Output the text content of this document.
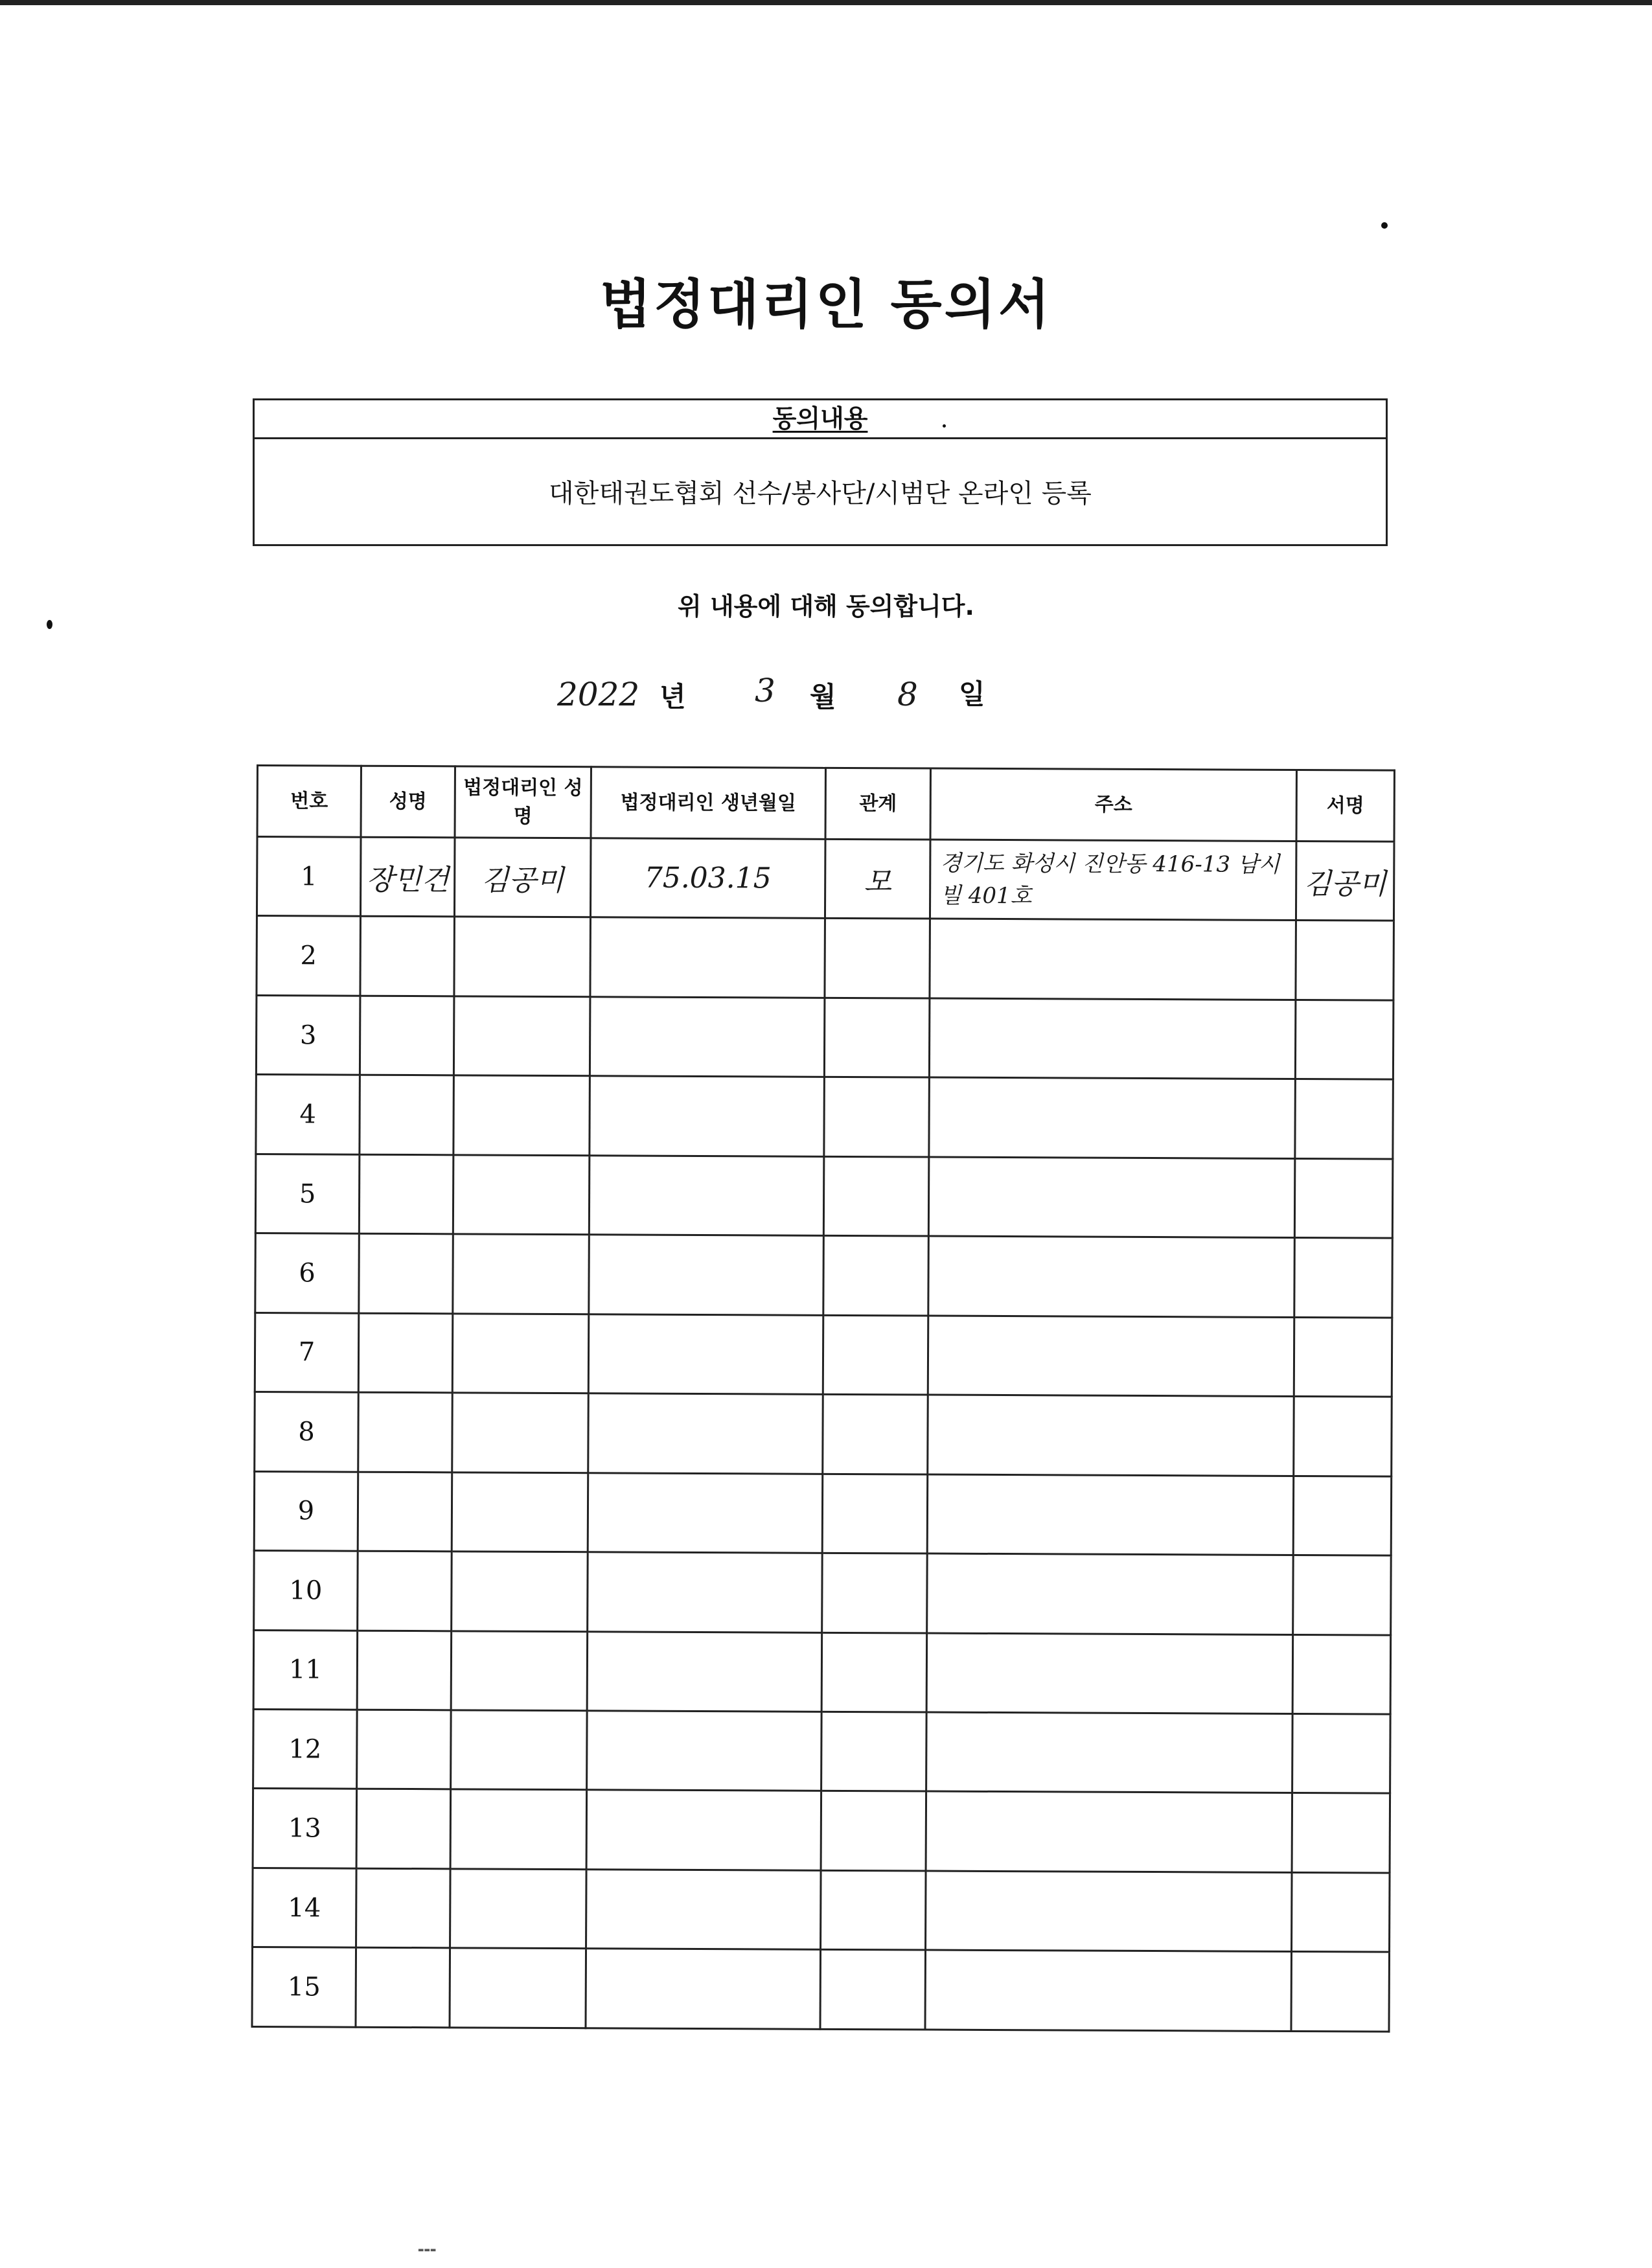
법정대리인 동의서
동의내용
대한태권도협회 선수/봉사단/시범단 온라인 등록
위 내용에 대해 동의합니다.
2022 년 3 월 8 일
번호	성명	법정대리인 성명	법정대리인 생년월일	관계	주소	서명
1	장민건	김공미	75.03.15	모	경기도 화성시 진안동 416-13 남시빌 401호	김공미
2						
3						
4						
5						
6						
7						
8						
9						
10						
11						
12						
13						
14						
15						
▬▬▬
